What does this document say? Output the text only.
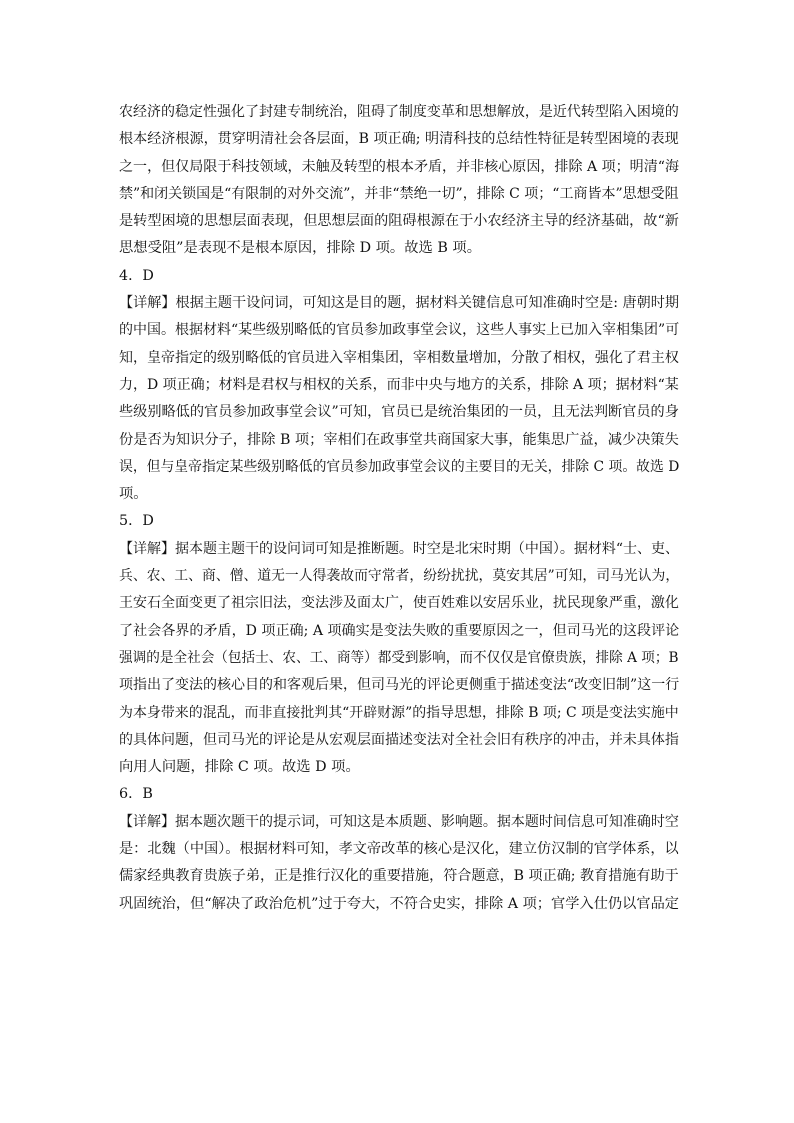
农经济的稳定性强化了封建专制统治，阻碍了制度变革和思想解放，是近代转型陷入困境的
根本经济根源，贯穿明清社会各层面，B 项正确; 明清科技的总结性特征是转型困境的表现
之一，但仅局限于科技领域，未触及转型的根本矛盾，并非核心原因，排除 A 项；明清“海
禁”和闭关锁国是“有限制的对外交流”，并非“禁绝一切”，排除 C 项；“工商皆本”思想受阻
是转型困境的思想层面表现，但思想层面的阻碍根源在于小农经济主导的经济基础，故“新
思想受阻”是表现不是根本原因，排除 D 项。故选 B 项。
4．D
【详解】根据主题干设问词，可知这是目的题，据材料关键信息可知准确时空是: 唐朝时期
的中国。根据材料“某些级别略低的官员参加政事堂会议，这些人事实上已加入宰相集团”可
知，皇帝指定的级别略低的官员进入宰相集团，宰相数量增加，分散了相权，强化了君主权
力，D 项正确；材料是君权与相权的关系，而非中央与地方的关系，排除 A 项；据材料“某
些级别略低的官员参加政事堂会议”可知，官员已是统治集团的一员，且无法判断官员的身
份是否为知识分子，排除 B 项；宰相们在政事堂共商国家大事，能集思广益，减少决策失
误，但与皇帝指定某些级别略低的官员参加政事堂会议的主要目的无关，排除 C 项。故选 D
项。
5．D
【详解】据本题主题干的设问词可知是推断题。时空是北宋时期（中国）。据材料“士、吏、
兵、农、工、商、僧、道无一人得袭故而守常者，纷纷扰扰，莫安其居”可知，司马光认为，
王安石全面变更了祖宗旧法，变法涉及面太广，使百姓难以安居乐业，扰民现象严重，激化
了社会各界的矛盾，D 项正确; A 项确实是变法失败的重要原因之一，但司马光的这段评论
强调的是全社会（包括士、农、工、商等）都受到影响，而不仅仅是官僚贵族，排除 A 项；B
项指出了变法的核心目的和客观后果，但司马光的评论更侧重于描述变法“改变旧制”这一行
为本身带来的混乱，而非直接批判其“开辟财源”的指导思想，排除 B 项; C 项是变法实施中
的具体问题，但司马光的评论是从宏观层面描述变法对全社会旧有秩序的冲击，并未具体指
向用人问题，排除 C 项。故选 D 项。
6．B
【详解】据本题次题干的提示词，可知这是本质题、影响题。据本题时间信息可知准确时空
是：北魏（中国）。根据材料可知，孝文帝改革的核心是汉化，建立仿汉制的官学体系，以
儒家经典教育贵族子弟，正是推行汉化的重要措施，符合题意，B 项正确; 教育措施有助于
巩固统治，但“解决了政治危机”过于夸大，不符合史实，排除 A 项；官学入仕仍以官品定
